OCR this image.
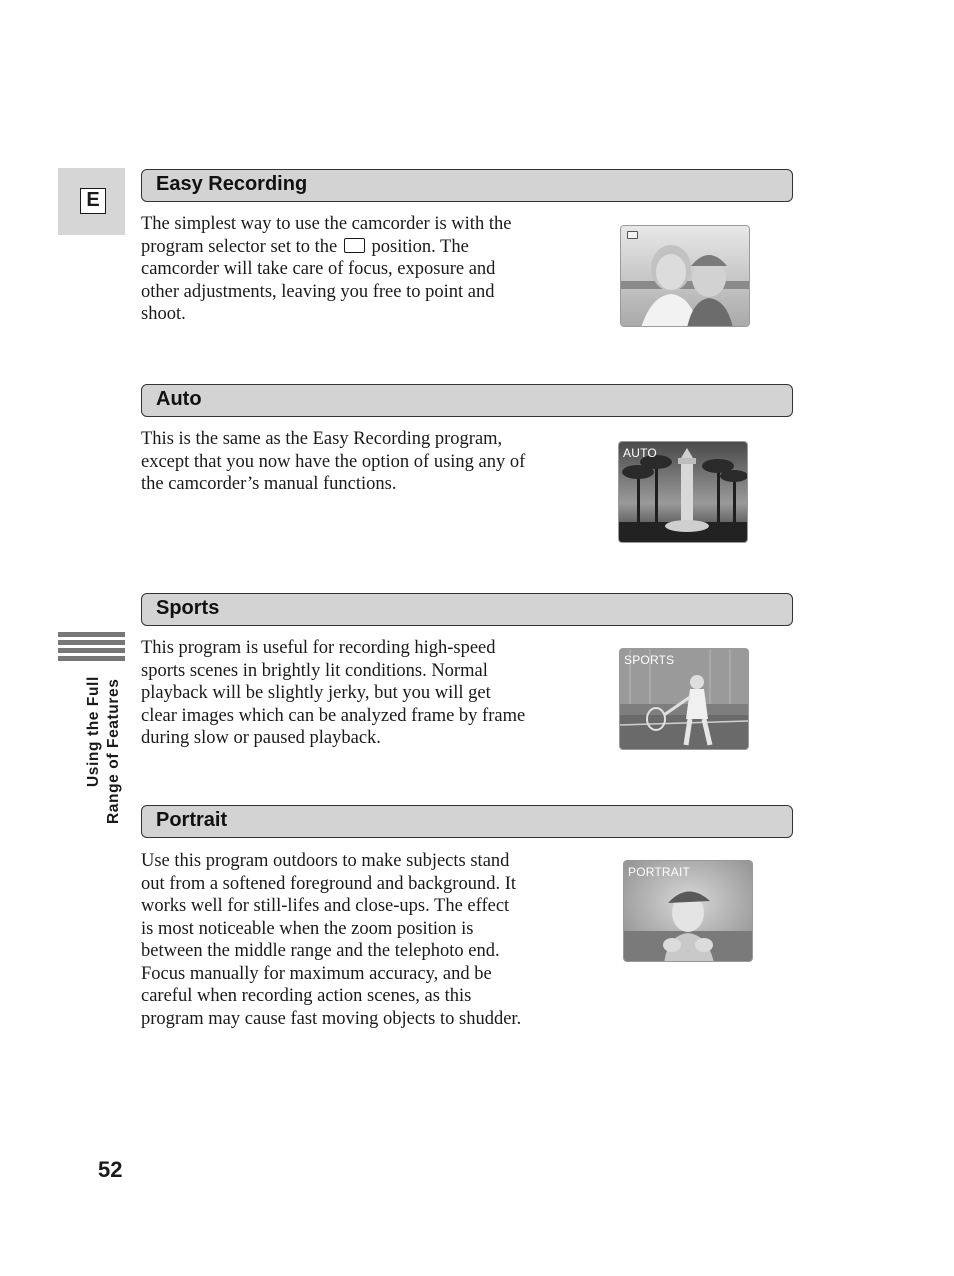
E
Using the Full Range of Features
Easy Recording

The simplest way to use the camcorder is with the program selector set to the position. The camcorder will take care of focus, exposure and other adjustments, leaving you free to point and shoot.

Auto

This is the same as the Easy Recording program, except that you now have the option of using any of the camcorder’s manual functions.

AUTO
Sports

This program is useful for recording high-speed sports scenes in brightly lit conditions. Normal playback will be slightly jerky, but you will get clear images which can be analyzed frame by frame during slow or paused playback.

SPORTS
Portrait

Use this program outdoors to make subjects stand out from a softened foreground and background. It works well for still-lifes and close-ups. The effect is most noticeable when the zoom position is between the middle range and the telephoto end. Focus manually for maximum accuracy, and be careful when recording action scenes, as this program may cause fast moving objects to shudder.

PORTRAIT
52
